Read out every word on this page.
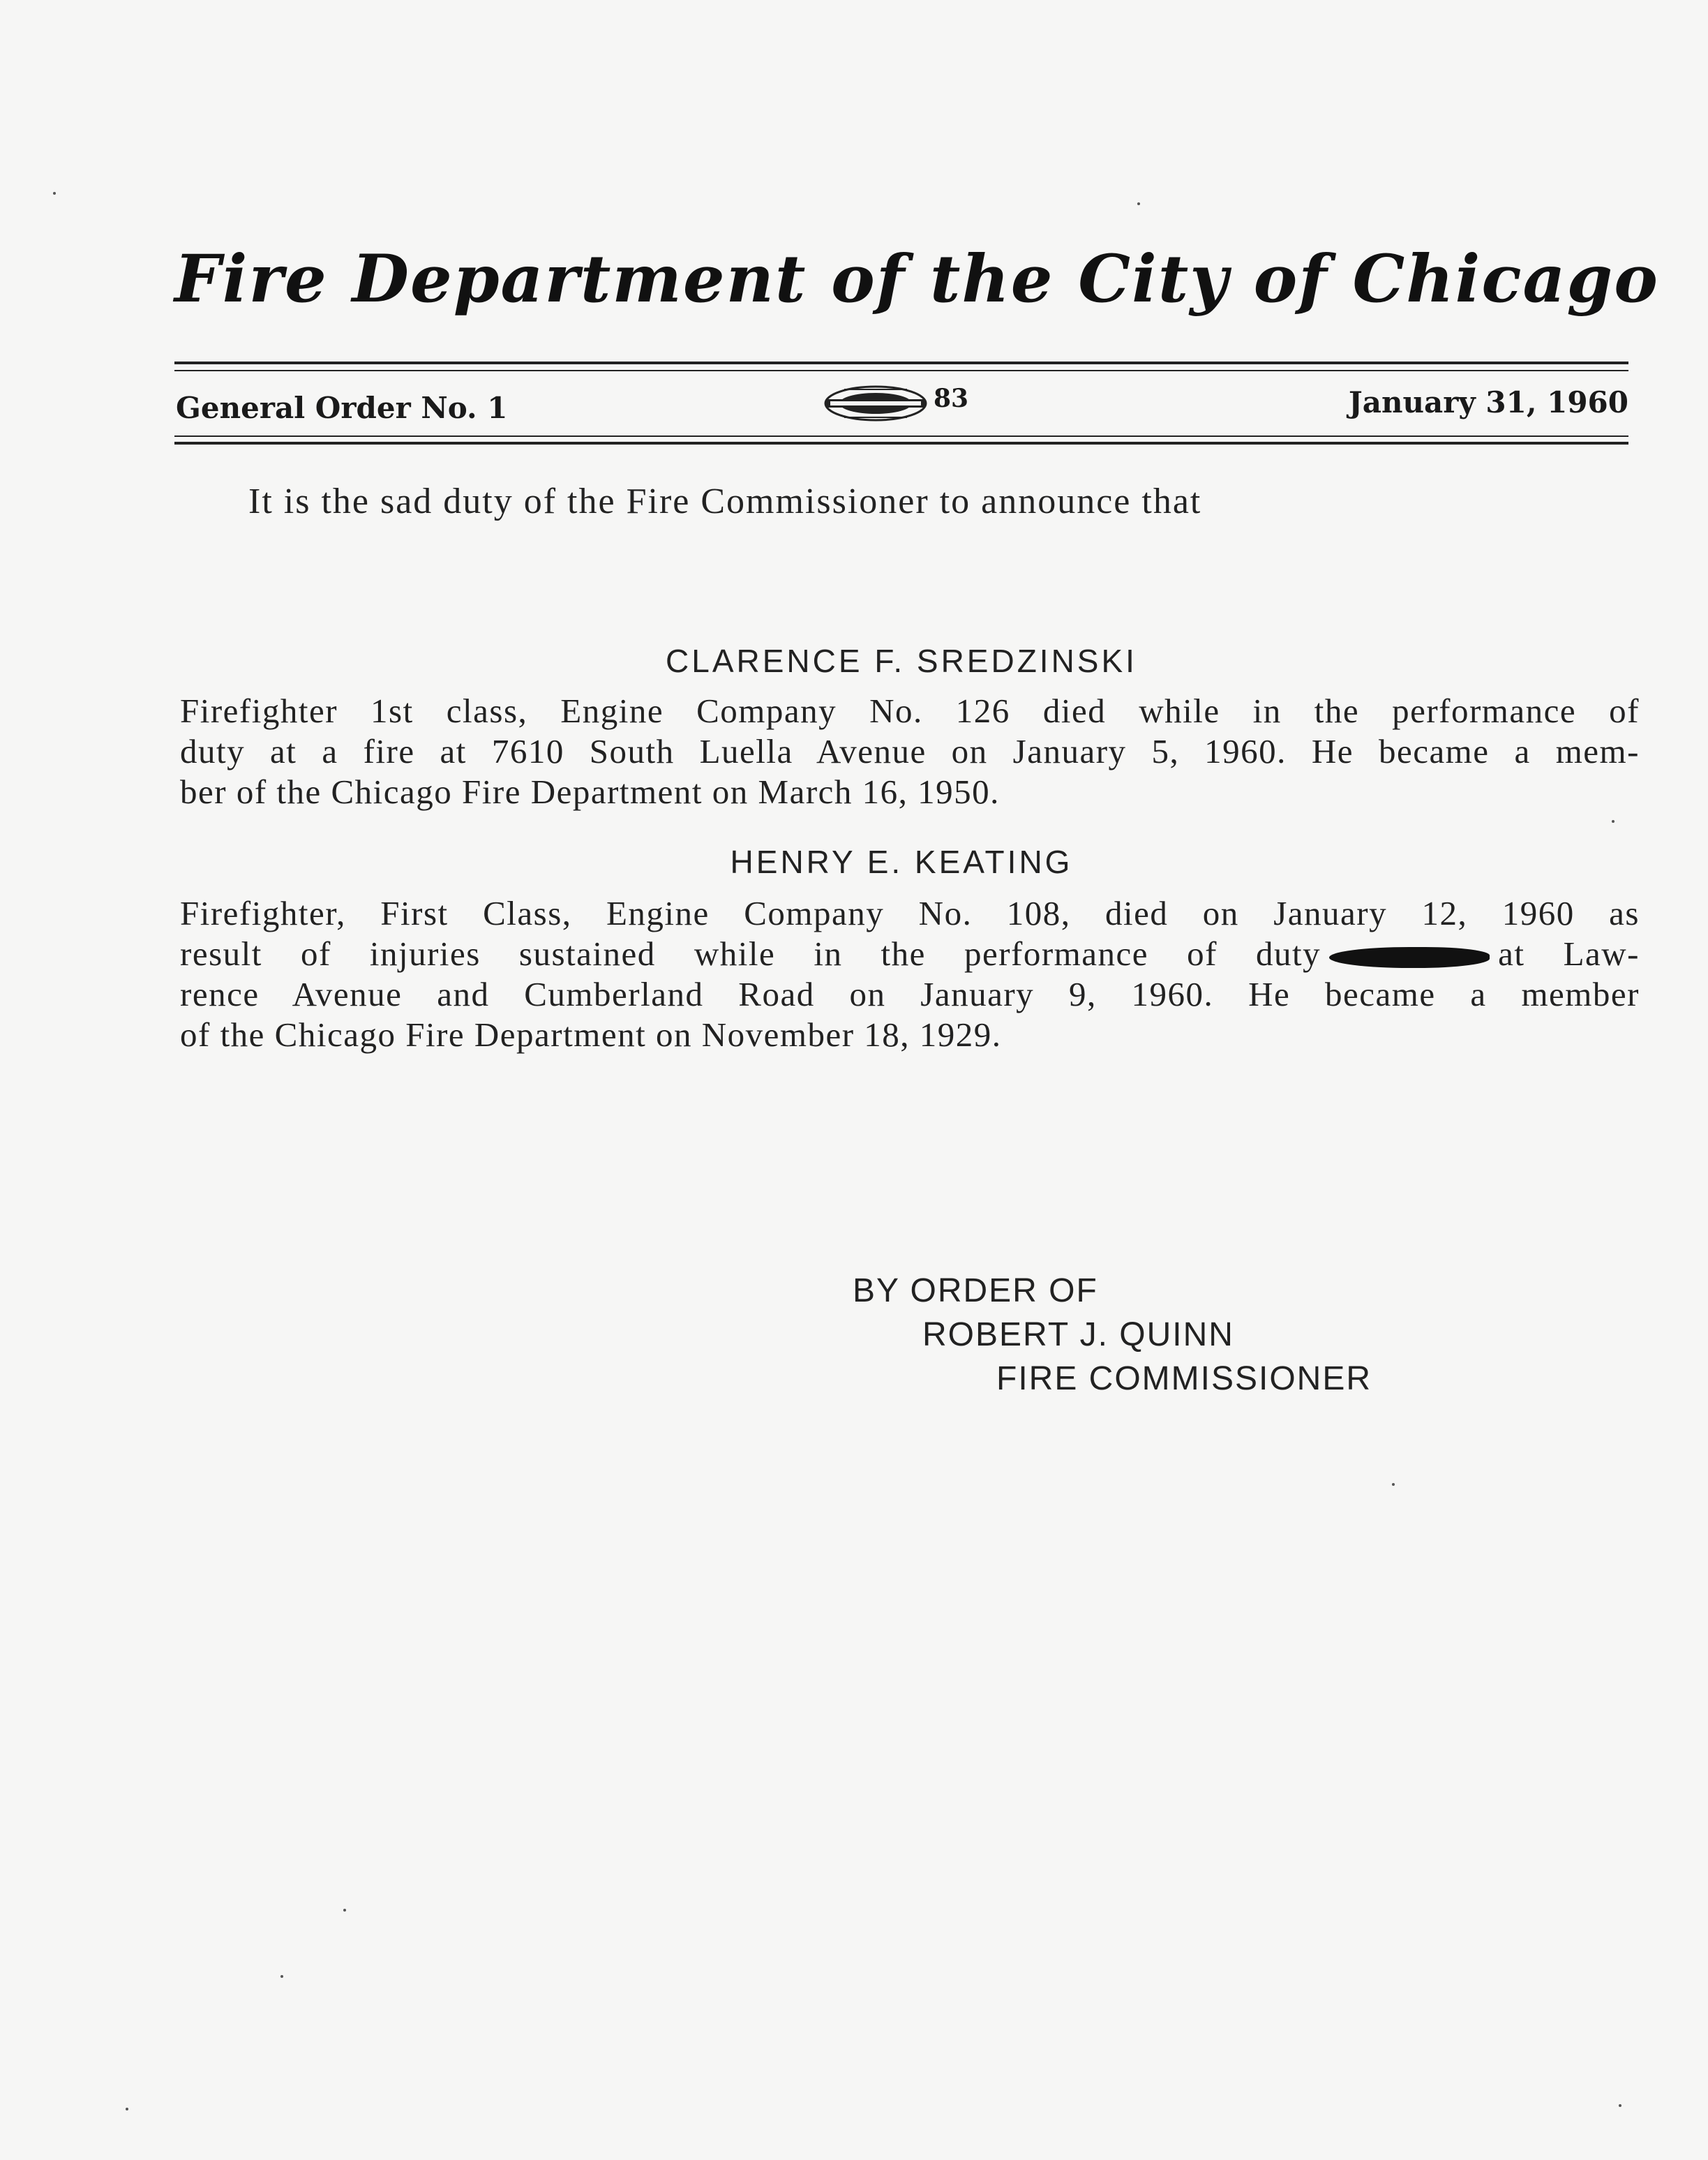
Fire Department of the City of Chicago
General Order No. 1	83	January 31, 1960
It is the sad duty of the Fire Commissioner to announce that
CLARENCE F. SREDZINSKI
Firefighter 1st class, Engine Company No. 126 died while in the performance of
duty at a fire at 7610 South Luella Avenue on January 5, 1960. He became a mem-
ber of the Chicago Fire Department on March 16, 1950.
HENRY E. KEATING
Firefighter, First Class, Engine Company No. 108, died on January 12, 1960 as
result of injuries sustained while in the performance of duty	at Law-
rence Avenue and Cumberland Road on January 9, 1960. He became a member
of the Chicago Fire Department on November 18, 1929.
BY ORDER OF
ROBERT J. QUINN
FIRE COMMISSIONER
